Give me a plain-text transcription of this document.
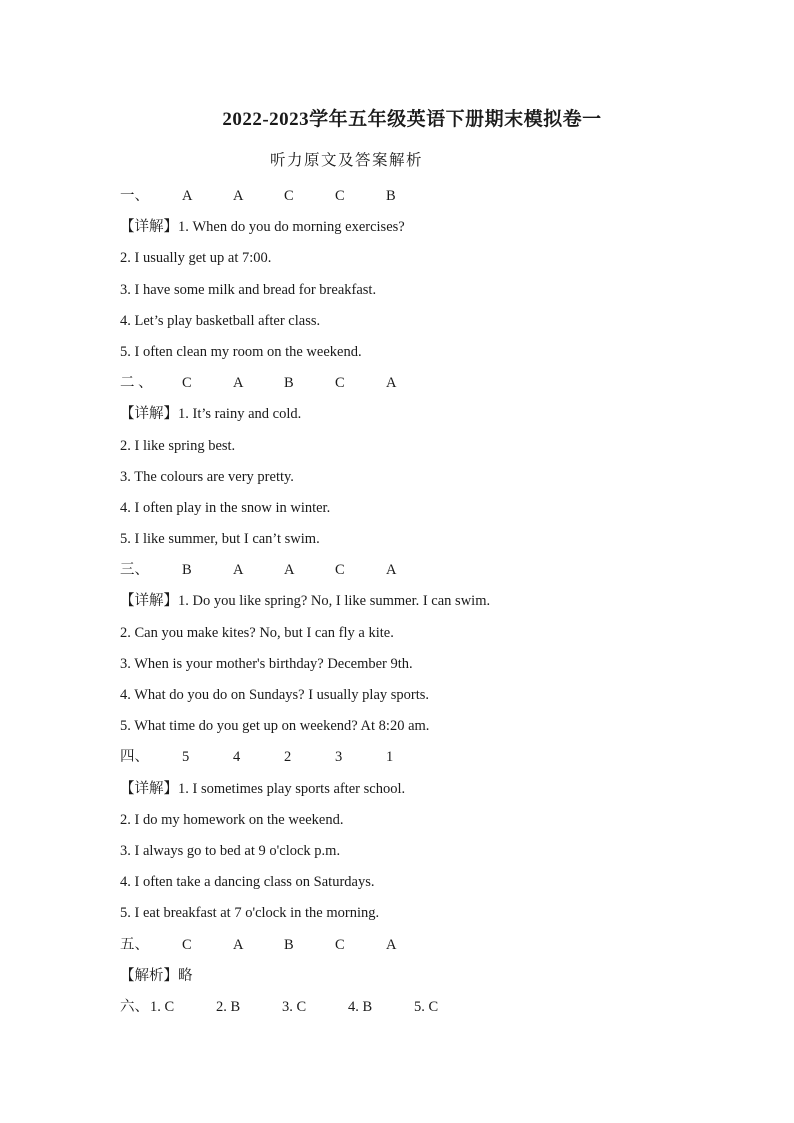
2022-2023学年五年级英语下册期末模拟卷一
听力原文及答案解析
一、	A	A	C	C	B
【详解】1. When do you do morning exercises?
2. I usually get up at 7:00.
3. I have some milk and bread for breakfast.
4. Let’s play basketball after class.
5. I often clean my room on the weekend.
二 、	C	A	B	C	A
【详解】1. It’s rainy and cold.
2. I like spring best.
3. The colours are very pretty.
4. I often play in the snow in winter.
5. I like summer, but I can’t swim.
三、	B	A	A	C	A
【详解】1. Do you like spring? No, I like summer. I can swim.
2. Can you make kites? No, but I can fly a kite.
3. When is your mother's birthday? December 9th.
4. What do you do on Sundays? I usually play sports.
5. What time do you get up on weekend? At 8:20 am.
四、	5	4	2	3	1
【详解】1. I sometimes play sports after school.
2. I do my homework on the weekend.
3. I always go to bed at 9 o'clock p.m.
4. I often take a dancing class on Saturdays.
5. I eat breakfast at 7 o'clock in the morning.
五、	C	A	B	C	A
【解析】略
六、 1. C	2. B	3. C	4. B	5. C
